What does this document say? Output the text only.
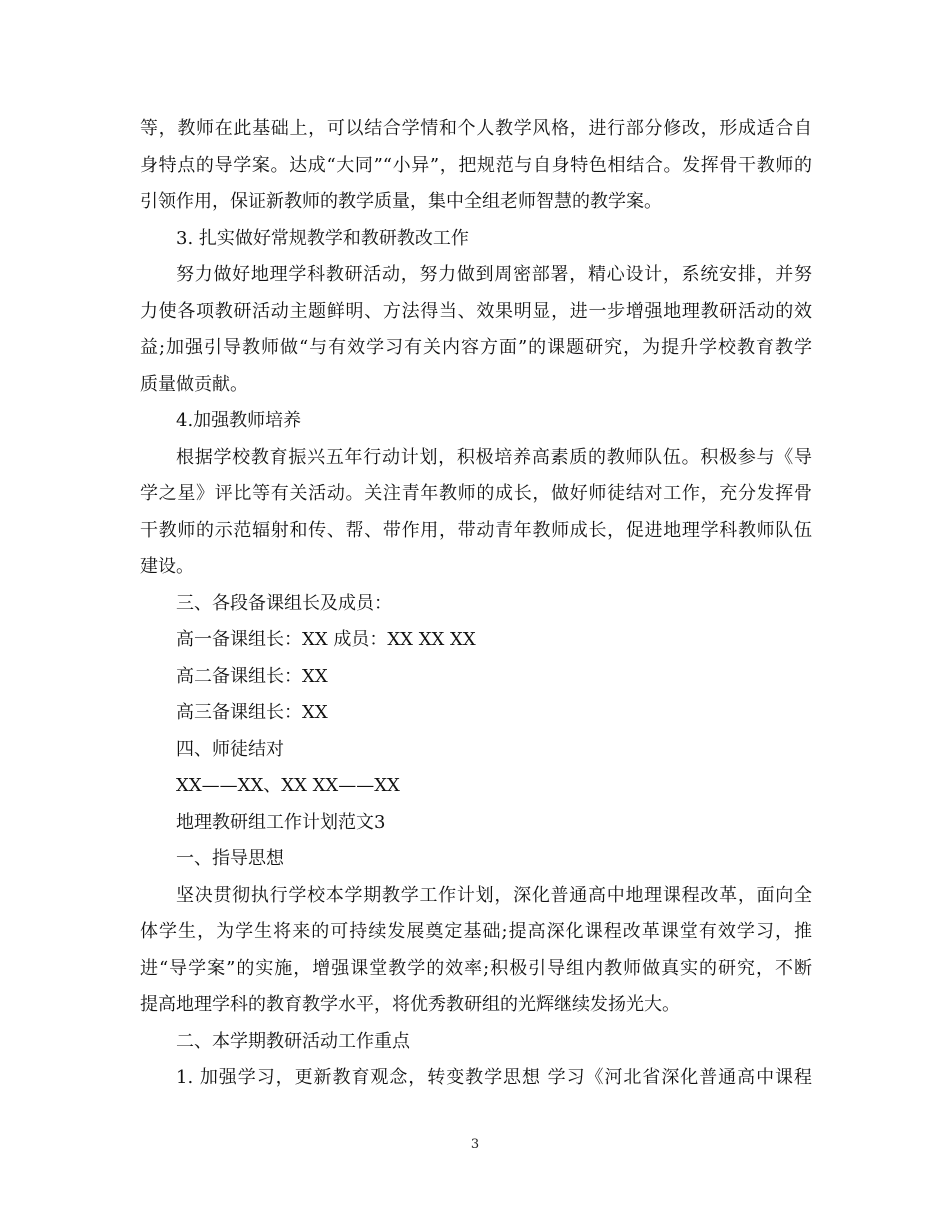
等，教师在此基础上，可以结合学情和个人教学风格，进行部分修改，形成适合自
身特点的导学案。达成“大同”“小异”，把规范与自身特色相结合。发挥骨干教师的
引领作用，保证新教师的教学质量，集中全组老师智慧的教学案。
3. 扎实做好常规教学和教研教改工作
努力做好地理学科教研活动，努力做到周密部署，精心设计，系统安排，并努
力使各项教研活动主题鲜明、方法得当、效果明显，进一步增强地理教研活动的效
益;加强引导教师做“与有效学习有关内容方面”的课题研究，为提升学校教育教学
质量做贡献。
4.加强教师培养
根据学校教育振兴五年行动计划，积极培养高素质的教师队伍。积极参与《导
学之星》评比等有关活动。关注青年教师的成长，做好师徒结对工作，充分发挥骨
干教师的示范辐射和传、帮、带作用，带动青年教师成长，促进地理学科教师队伍
建设。
三、各段备课组长及成员：
高一备课组长：XX 成员：XX XX XX
高二备课组长：XX
高三备课组长：XX
四、师徒结对
XX——XX、XX XX——XX
地理教研组工作计划范文3
一、指导思想
坚决贯彻执行学校本学期教学工作计划，深化普通高中地理课程改革，面向全
体学生，为学生将来的可持续发展奠定基础;提高深化课程改革课堂有效学习，推
进“导学案”的实施，增强课堂教学的效率;积极引导组内教师做真实的研究，不断
提高地理学科的教育教学水平，将优秀教研组的光辉继续发扬光大。
二、本学期教研活动工作重点
1. 加强学习，更新教育观念，转变教学思想 学习《河北省深化普通高中课程
3
